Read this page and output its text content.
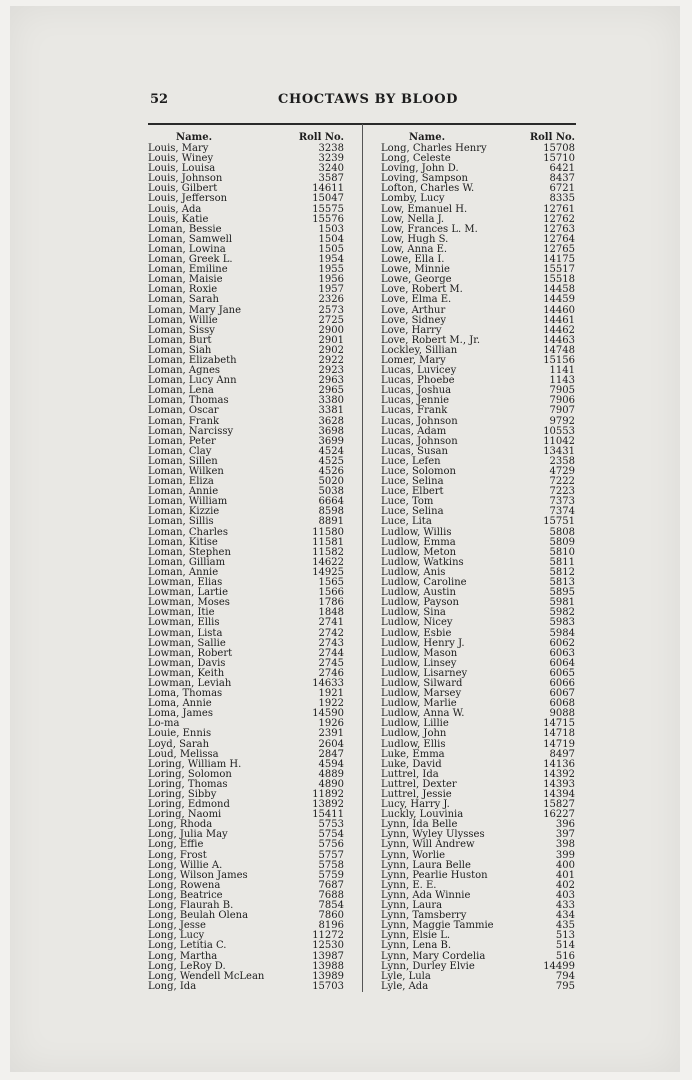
52	CHOCTAWS BY BLOOD
Name.	Roll No.
Louis, Mary	3238
Louis, Winey	3239
Louis, Louisa	3240
Louis, Johnson	3587
Louis, Gilbert	14611
Louis, Jefferson	15047
Louis, Ada	15575
Louis, Katie	15576
Loman, Bessie	1503
Loman, Samwell	1504
Loman, Lowina	1505
Loman, Greek L.	1954
Loman, Emiline	1955
Loman, Maisie	1956
Loman, Roxie	1957
Loman, Sarah	2326
Loman, Mary Jane	2573
Loman, Willie	2725
Loman, Sissy	2900
Loman, Burt	2901
Loman, Siah	2902
Loman, Elizabeth	2922
Loman, Agnes	2923
Loman, Lucy Ann	2963
Loman, Lena	2965
Loman, Thomas	3380
Loman, Oscar	3381
Loman, Frank	3628
Loman, Narcissy	3698
Loman, Peter	3699
Loman, Clay	4524
Loman, Sillen	4525
Loman, Wilken	4526
Loman, Eliza	5020
Loman, Annie	5038
Loman, William	6664
Loman, Kizzie	8598
Loman, Sillis	8891
Loman, Charles	11580
Loman, Kitise	11581
Loman, Stephen	11582
Loman, Gilliam	14622
Loman, Annie	14925
Lowman, Elias	1565
Lowman, Lartie	1566
Lowman, Moses	1786
Lowman, Itie	1848
Lowman, Ellis	2741
Lowman, Lista	2742
Lowman, Sallie	2743
Lowman, Robert	2744
Lowman, Davis	2745
Lowman, Keith	2746
Lowman, Leviah	14633
Loma, Thomas	1921
Loma, Annie	1922
Loma, James	14590
Lo-ma	1926
Louie, Ennis	2391
Loyd, Sarah	2604
Loud, Melissa	2847
Loring, William H.	4594
Loring, Solomon	4889
Loring, Thomas	4890
Loring, Sibby	11892
Loring, Edmond	13892
Loring, Naomi	15411
Long, Rhoda	5753
Long, Julia May	5754
Long, Effie	5756
Long, Frost	5757
Long, Willie A.	5758
Long, Wilson James	5759
Long, Rowena	7687
Long, Beatrice	7688
Long, Flaurah B.	7854
Long, Beulah Olena	7860
Long, Jesse	8196
Long, Lucy	11272
Long, Letitia C.	12530
Long, Martha	13987
Long, LeRoy D.	13988
Long, Wendell McLean	13989
Long, Ida	15703
Name.	Roll No.
Long, Charles Henry	15708
Long, Celeste	15710
Loving, John D.	6421
Loving, Sampson	8437
Lofton, Charles W.	6721
Lomby, Lucy	8335
Low, Emanuel H.	12761
Low, Nella J.	12762
Low, Frances L. M.	12763
Low, Hugh S.	12764
Low, Anna E.	12765
Lowe, Ella I.	14175
Lowe, Minnie	15517
Lowe, George	15518
Love, Robert M.	14458
Love, Elma E.	14459
Love, Arthur	14460
Love, Sidney	14461
Love, Harry	14462
Love, Robert M., Jr.	14463
Lockley, Sillian	14748
Lomer, Mary	15156
Lucas, Luvicey	1141
Lucas, Phoebe	1143
Lucas, Joshua	7905
Lucas, Jennie	7906
Lucas, Frank	7907
Lucas, Johnson	9792
Lucas, Adam	10553
Lucas, Johnson	11042
Lucas, Susan	13431
Luce, Lefen	2358
Luce, Solomon	4729
Luce, Selina	7222
Luce, Elbert	7223
Luce, Tom	7373
Luce, Selina	7374
Luce, Lita	15751
Ludlow, Willis	5808
Ludlow, Emma	5809
Ludlow, Meton	5810
Ludlow, Watkins	5811
Ludlow, Anis	5812
Ludlow, Caroline	5813
Ludlow, Austin	5895
Ludlow, Payson	5981
Ludlow, Sina	5982
Ludlow, Nicey	5983
Ludlow, Esbie	5984
Ludlow, Henry J.	6062
Ludlow, Mason	6063
Ludlow, Linsey	6064
Ludlow, Lisarney	6065
Ludlow, Silward	6066
Ludlow, Marsey	6067
Ludlow, Marlie	6068
Ludlow, Anna W.	9088
Ludlow, Lillie	14715
Ludlow, John	14718
Ludlow, Ellis	14719
Luke, Emma	8497
Luke, David	14136
Luttrel, Ida	14392
Luttrel, Dexter	14393
Luttrel, Jessie	14394
Lucy, Harry J.	15827
Luckly, Louvinia	16227
Lynn, Ida Belle	396
Lynn, Wyley Ulysses	397
Lynn, Will Andrew	398
Lynn, Worlie	399
Lynn, Laura Belle	400
Lynn, Pearlie Huston	401
Lynn, E. E.	402
Lynn, Ada Winnie	403
Lynn, Laura	433
Lynn, Tamsberry	434
Lynn, Maggie Tammie	435
Lynn, Elsie L.	513
Lynn, Lena B.	514
Lynn, Mary Cordelia	516
Lynn, Durley Elvie	14499
Lyle, Lula	794
Lyle, Ada	795
